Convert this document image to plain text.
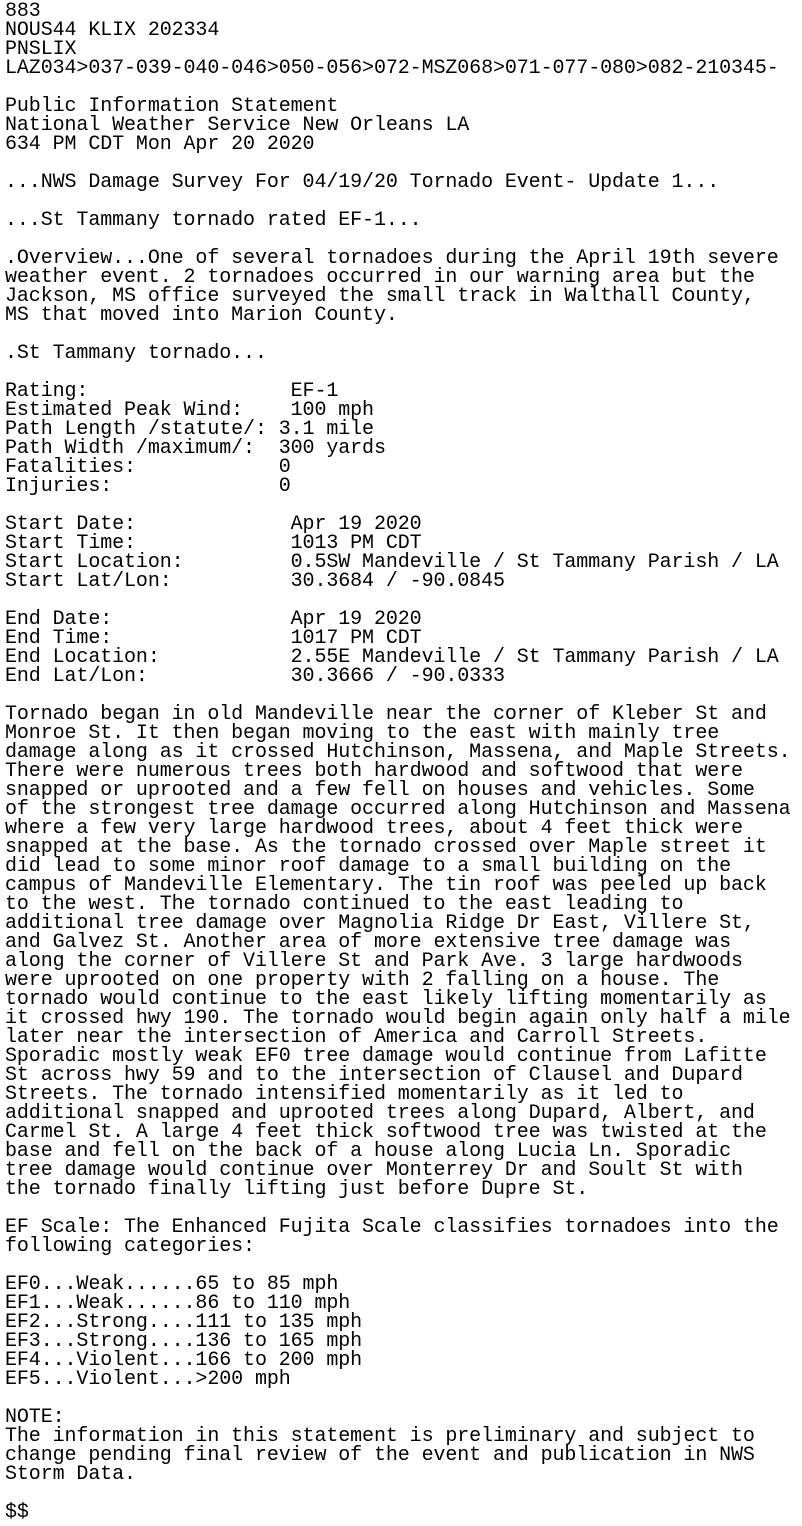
883
NOUS44 KLIX 202334
PNSLIX
LAZ034>037-039-040-046>050-056>072-MSZ068>071-077-080>082-210345-
Public Information Statement
National Weather Service New Orleans LA
634 PM CDT Mon Apr 20 2020
...NWS Damage Survey For 04/19/20 Tornado Event- Update 1...
...St Tammany tornado rated EF-1...
.Overview...One of several tornadoes during the April 19th severe
weather event. 2 tornadoes occurred in our warning area but the
Jackson, MS office surveyed the small track in Walthall County,
MS that moved into Marion County.
.St Tammany tornado...
Rating:                 EF-1
Estimated Peak Wind:    100 mph
Path Length /statute/: 3.1 mile
Path Width /maximum/:  300 yards
Fatalities:            0
Injuries:              0
Start Date:             Apr 19 2020
Start Time:             1013 PM CDT
Start Location:         0.5SW Mandeville / St Tammany Parish / LA
Start Lat/Lon:          30.3684 / -90.0845
End Date:               Apr 19 2020
End Time:               1017 PM CDT
End Location:           2.55E Mandeville / St Tammany Parish / LA
End Lat/Lon:            30.3666 / -90.0333
Tornado began in old Mandeville near the corner of Kleber St and
Monroe St. It then began moving to the east with mainly tree
damage along as it crossed Hutchinson, Massena, and Maple Streets.
There were numerous trees both hardwood and softwood that were
snapped or uprooted and a few fell on houses and vehicles. Some
of the strongest tree damage occurred along Hutchinson and Massena
where a few very large hardwood trees, about 4 feet thick were
snapped at the base. As the tornado crossed over Maple street it
did lead to some minor roof damage to a small building on the
campus of Mandeville Elementary. The tin roof was peeled up back
to the west. The tornado continued to the east leading to
additional tree damage over Magnolia Ridge Dr East, Villere St,
and Galvez St. Another area of more extensive tree damage was
along the corner of Villere St and Park Ave. 3 large hardwoods
were uprooted on one property with 2 falling on a house. The
tornado would continue to the east likely lifting momentarily as
it crossed hwy 190. The tornado would begin again only half a mile
later near the intersection of America and Carroll Streets.
Sporadic mostly weak EF0 tree damage would continue from Lafitte
St across hwy 59 and to the intersection of Clausel and Dupard
Streets. The tornado intensified momentarily as it led to
additional snapped and uprooted trees along Dupard, Albert, and
Carmel St. A large 4 feet thick softwood tree was twisted at the
base and fell on the back of a house along Lucia Ln. Sporadic
tree damage would continue over Monterrey Dr and Soult St with
the tornado finally lifting just before Dupre St.
EF Scale: The Enhanced Fujita Scale classifies tornadoes into the
following categories:
EF0...Weak......65 to 85 mph
EF1...Weak......86 to 110 mph
EF2...Strong....111 to 135 mph
EF3...Strong....136 to 165 mph
EF4...Violent...166 to 200 mph
EF5...Violent...>200 mph
NOTE:
The information in this statement is preliminary and subject to
change pending final review of the event and publication in NWS
Storm Data.
$$
